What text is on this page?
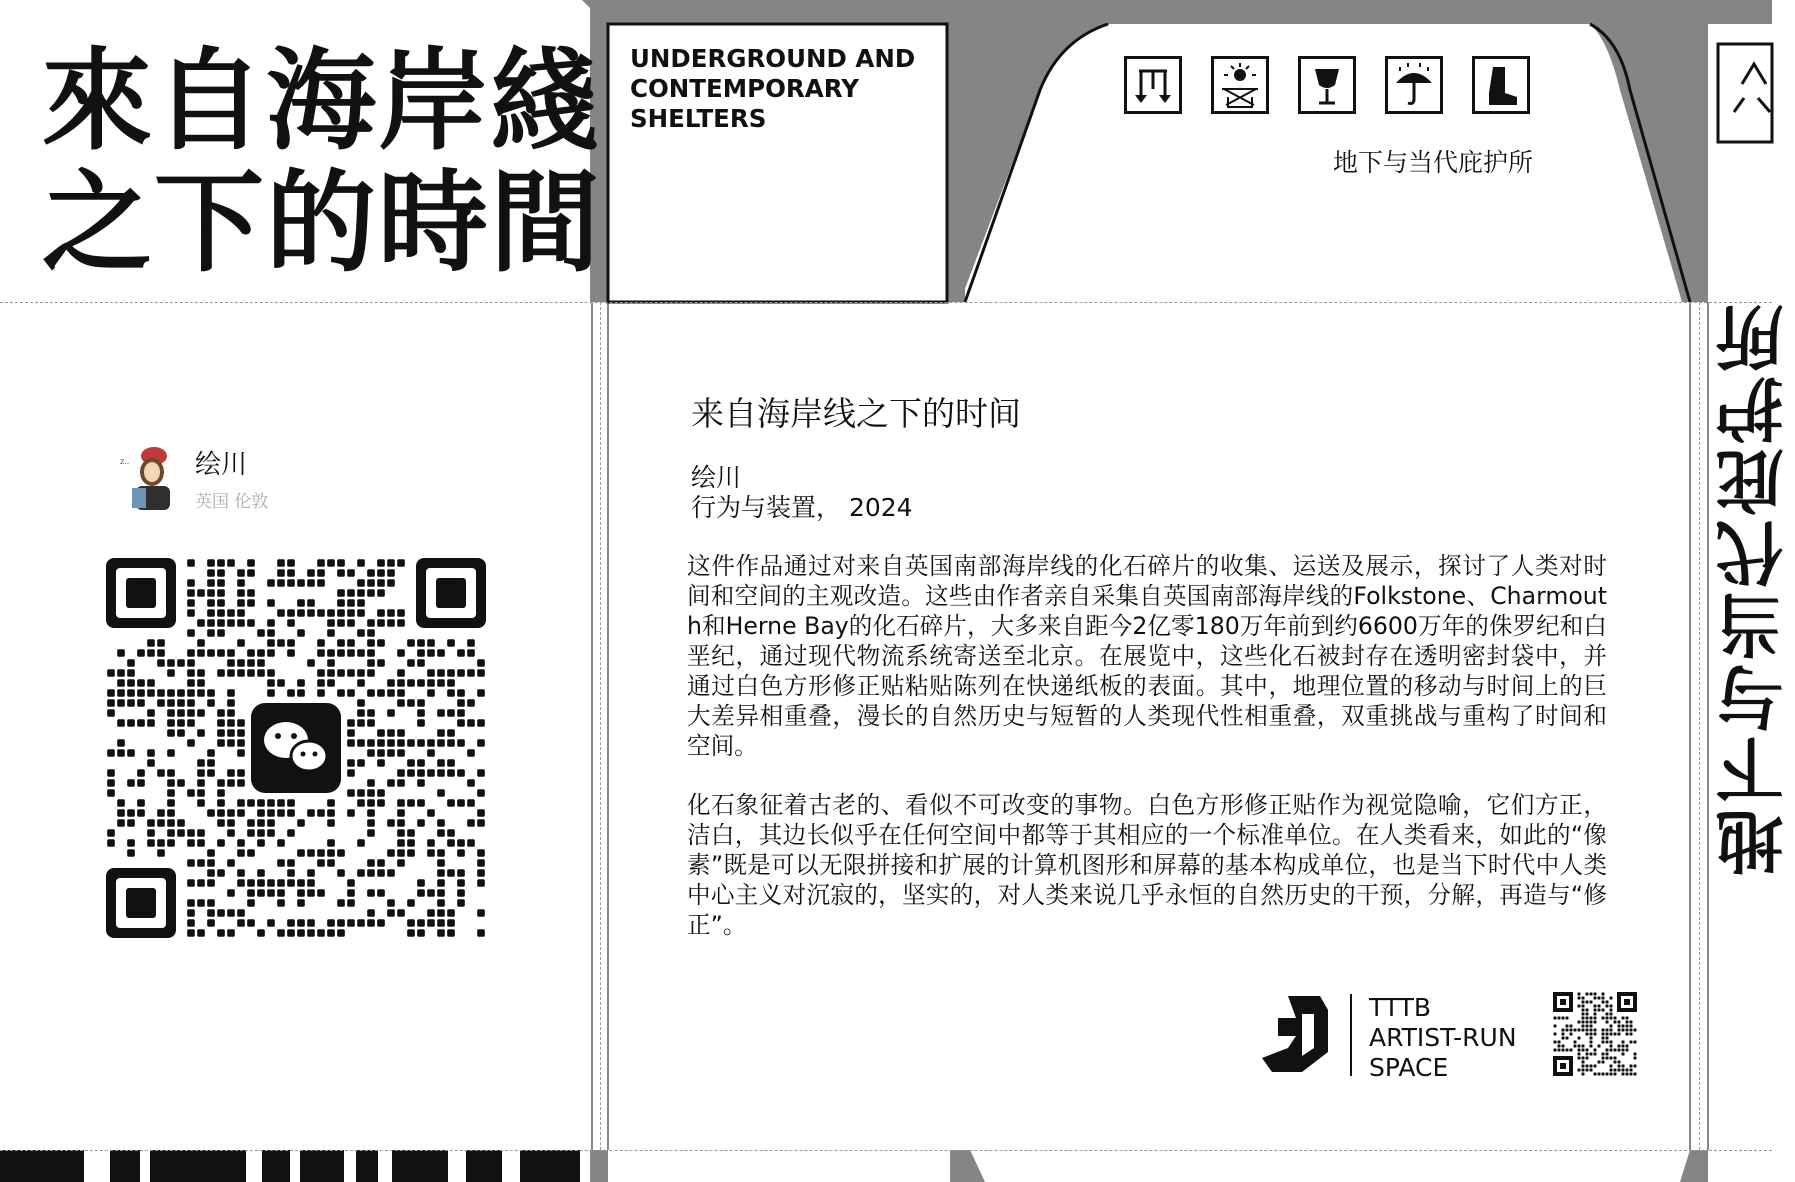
來自海岸綫
之下的時間
UNDERGROUND AND
CONTEMPORARY
SHELTERS
地下与当代庇护所
z..	绘川
英国 伦敦
来自海岸线之下的时间
绘川
行为与装置， 2024
这件作品通过对来自英国南部海岸线的化石碎片的收集、运送及展示，探讨了人类对时间和空间的主观改造。这些由作者亲自采集自英国南部海岸线的Folkstone、Charmouth和Herne Bay的化石碎片，大多来自距今2亿零180万年前到约6600万年的侏罗纪和白垩纪，通过现代物流系统寄送至北京。在展览中，这些化石被封存在透明密封袋中，并通过白色方形修正贴粘贴陈列在快递纸板的表面。其中，地理位置的移动与时间上的巨大差异相重叠，漫长的自然历史与短暂的人类现代性相重叠，双重挑战与重构了时间和空间。
化石象征着古老的、看似不可改变的事物。白色方形修正贴作为视觉隐喻，它们方正，洁白，其边长似乎在任何空间中都等于其相应的一个标准单位。在人类看来，如此的“像素”既是可以无限拼接和扩展的计算机图形和屏幕的基本构成单位，也是当下时代中人类中心主义对沉寂的，坚实的，对人类来说几乎永恒的自然历史的干预，分解，再造与“修正”。
TTTB
ARTIST-RUN
SPACE
地下与当代庇护所
